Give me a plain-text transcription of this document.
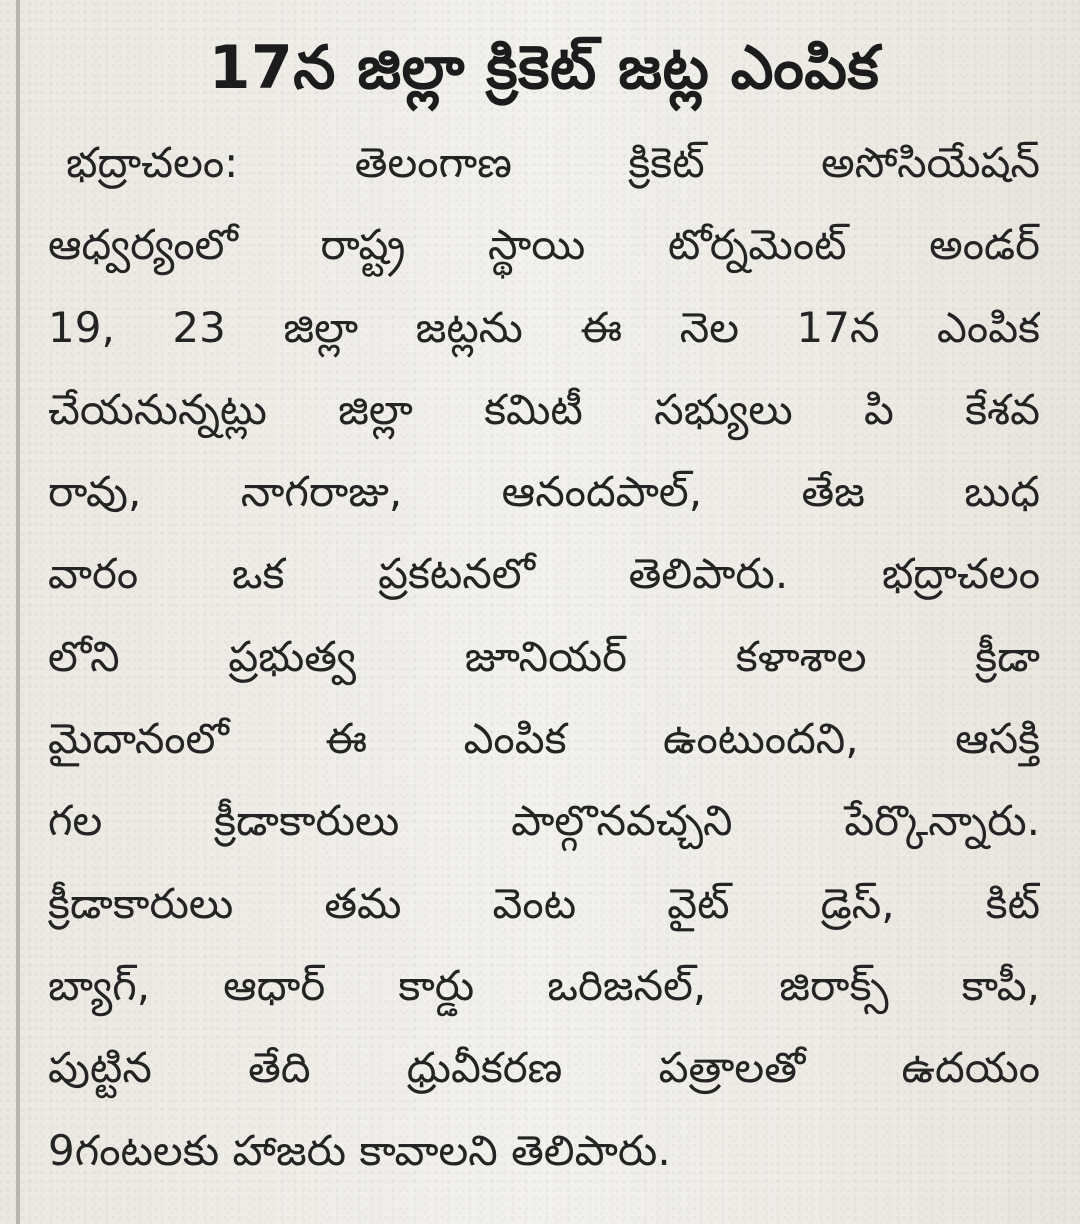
17న జిల్లా క్రికెట్ జట్ల ఎంపిక
భద్రాచలం: తెలంగాణ క్రికెట్ అసోసియేషన్
ఆధ్వర్యంలో రాష్ట్ర స్థాయి టోర్నమెంట్ అండర్
19, 23 జిల్లా జట్లను ఈ నెల 17న ఎంపిక
చేయనున్నట్లు జిల్లా కమిటీ సభ్యులు పి కేశవ
రావు, నాగరాజు, ఆనందపాల్, తేజ బుధ
వారం ఒక ప్రకటనలో తెలిపారు. భద్రాచలం
లోని ప్రభుత్వ జూనియర్ కళాశాల క్రీడా
మైదానంలో ఈ ఎంపిక ఉంటుందని, ఆసక్తి
గల క్రీడాకారులు పాల్గొనవచ్చని పేర్కొన్నారు.
క్రీడాకారులు తమ వెంట వైట్ డ్రెస్, కిట్
బ్యాగ్, ఆధార్ కార్డు ఒరిజనల్, జిరాక్స్ కాపీ,
పుట్టిన తేది ధ్రువీకరణ పత్రాలతో ఉదయం
9గంటలకు హాజరు కావాలని తెలిపారు.
